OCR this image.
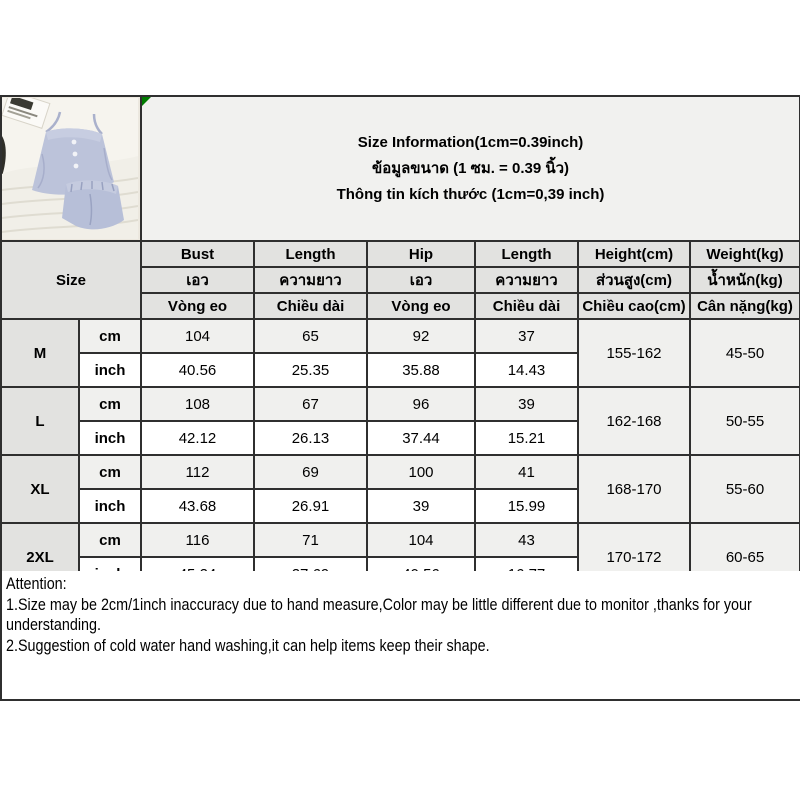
Size Information(1cm=0.39inch)
ข้อมูลขนาด (1 ซม. = 0.39 นิ้ว)
Thông tin kích thước (1cm=0,39 inch)					

Size		Bust	Length	Hip	Length	Height(cm)	Weight(kg)
		เอว	ความยาว	เอว	ความยาว	ส่วนสูง(cm)	น้ำหนัก(kg)
		Vòng eo	Chiều dài	Vòng eo	Chiều dài	Chiều cao(cm)	Cân nặng(kg)
M	cm	104	65	92	37	155-162	45-50
	inch	40.56	25.35	35.88	14.43		
L	cm	108	67	96	39	162-168	50-55
	inch	42.12	26.13	37.44	15.21		
XL	cm	112	69	100	41	168-170	55-60
	inch	43.68	26.91	39	15.99		
2XL	cm	116	71	104	43	170-172	60-65

Attention:
1.Size may be 2cm/1inch inaccuracy due to hand measure,Color may be little different due to monitor ,thanks for your
understanding.
2.Suggestion of cold water hand washing,it can help items keep their shape.
